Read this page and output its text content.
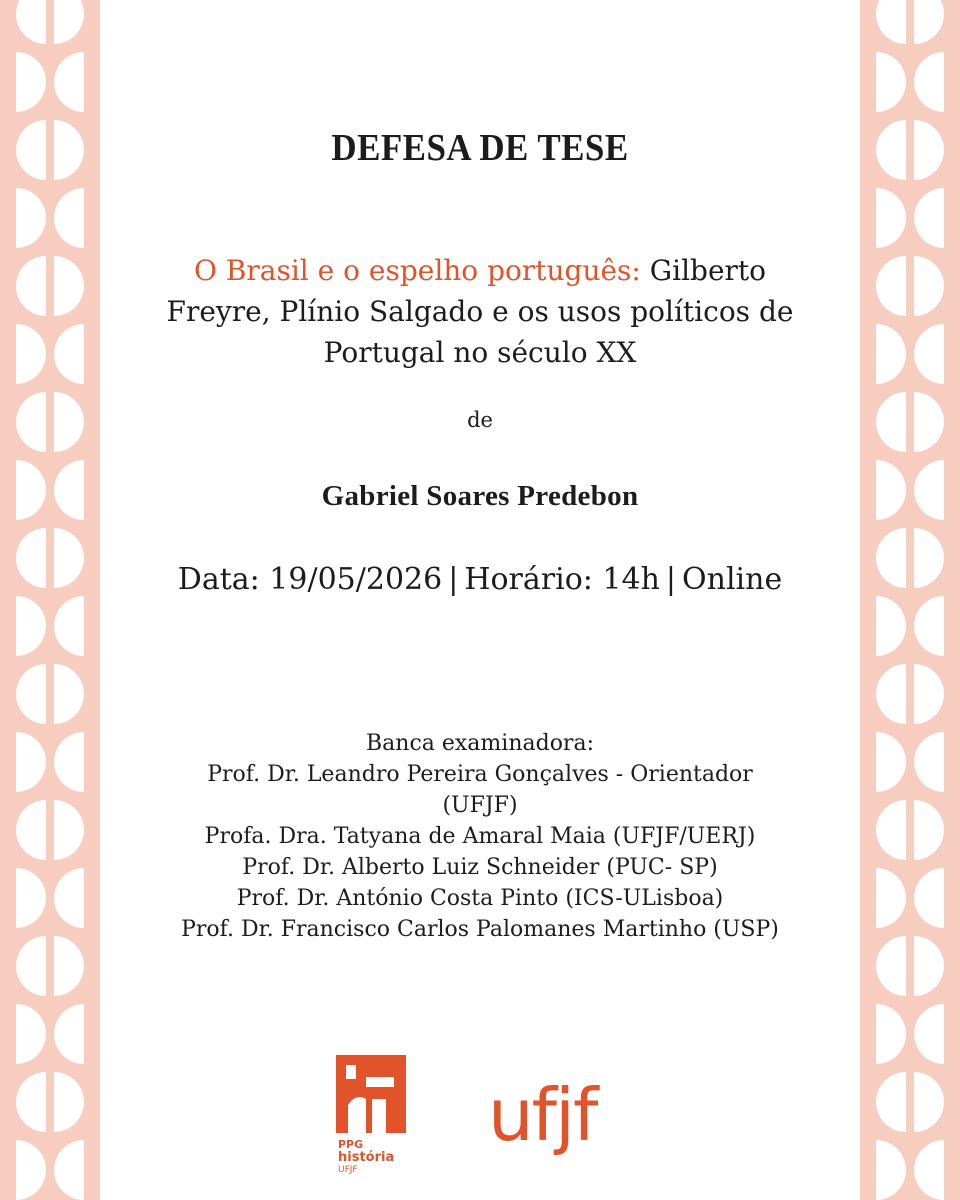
DEFESA DE TESE
O Brasil e o espelho português: Gilberto Freyre, Plínio Salgado e os usos políticos de Portugal no século XX
de
Gabriel Soares Predebon
Data: 19/05/2026 | Horário: 14h | Online
Banca examinadora:
Prof. Dr. Leandro Pereira Gonçalves - Orientador
(UFJF)
Profa. Dra. Tatyana de Amaral Maia (UFJF/UERJ)
Prof. Dr. Alberto Luiz Schneider (PUC- SP)
Prof. Dr. António Costa Pinto (ICS-ULisboa)
Prof. Dr. Francisco Carlos Palomanes Martinho (USP)
PPG
história
UFJF
ufjf
